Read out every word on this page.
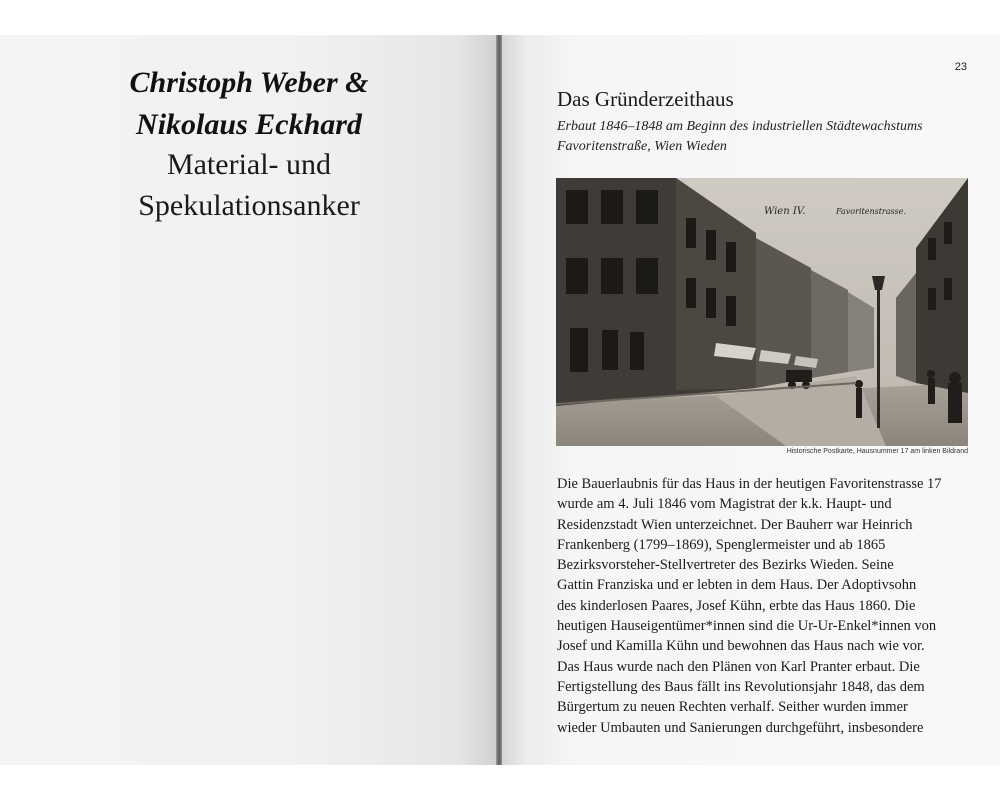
Christoph Weber &
Nikolaus Eckhard
Material- und
Spekulationsanker
23
Das Gründerzeithaus
Erbaut 1846–1848 am Beginn des industriellen Städtewachstums
Favoritenstraße, Wien Wieden
Wien IV.	Favoritenstrasse.
Historische Postkarte, Hausnummer 17 am linken Bildrand

Die Bauerlaubnis für das Haus in der heutigen Favoritenstrasse 17
wurde am 4. Juli 1846 vom Magistrat der k.k. Haupt- und
Residenzstadt Wien unterzeichnet. Der Bauherr war Heinrich
Frankenberg (1799–1869), Spenglermeister und ab 1865
Bezirksvorsteher-Stellvertreter des Bezirks Wieden. Seine
Gattin Franziska und er lebten in dem Haus. Der Adoptivsohn
des kinderlosen Paares, Josef Kühn, erbte das Haus 1860. Die
heutigen Hauseigentümer*innen sind die Ur-Ur-Enkel*innen von
Josef und Kamilla Kühn und bewohnen das Haus nach wie vor.
Das Haus wurde nach den Plänen von Karl Pranter erbaut. Die
Fertigstellung des Baus fällt ins Revolutionsjahr 1848, das dem
Bürgertum zu neuen Rechten verhalf. Seither wurden immer
wieder Umbauten und Sanierungen durchgeführt, insbesondere
